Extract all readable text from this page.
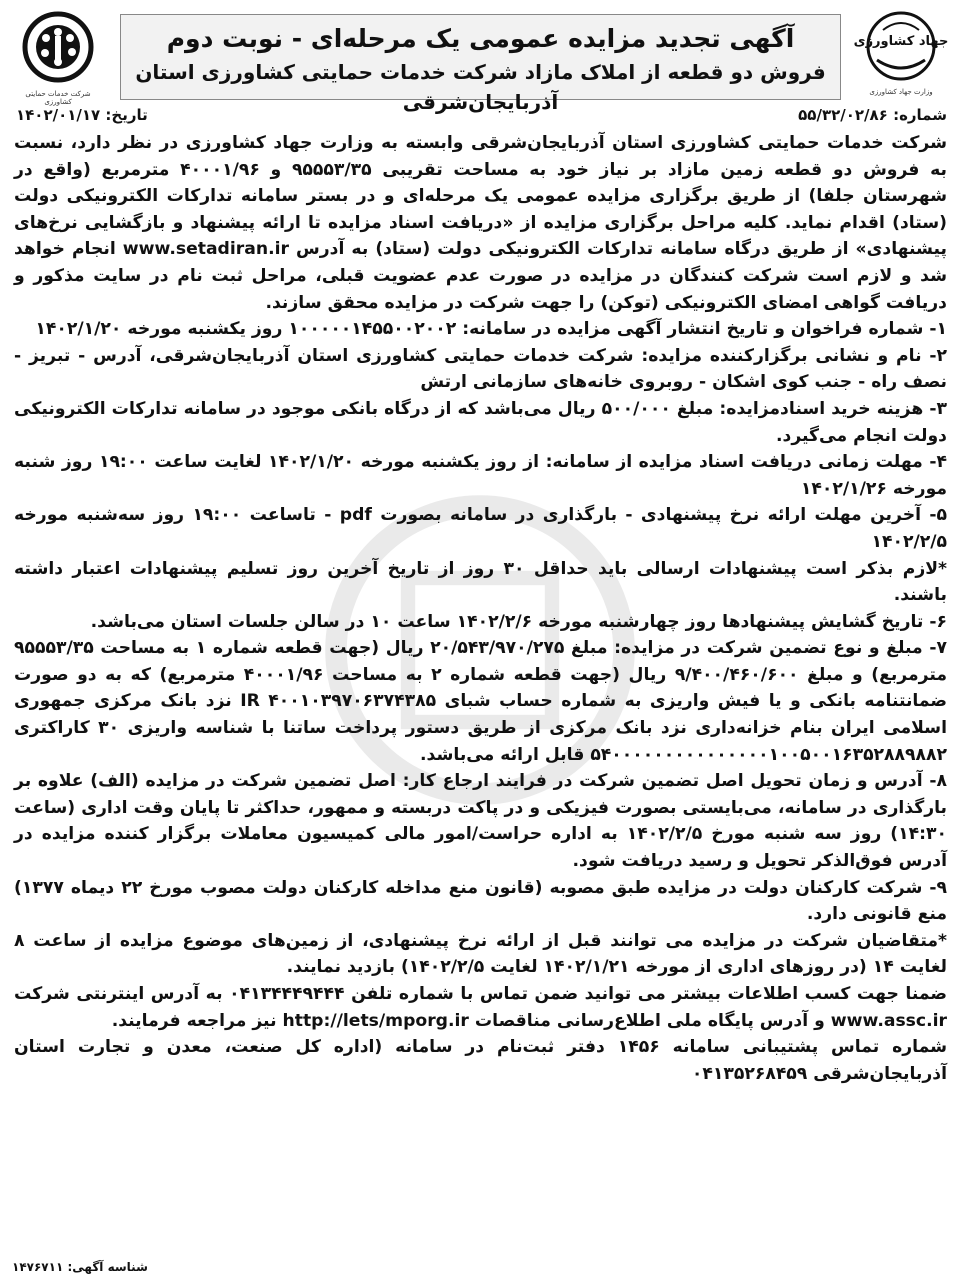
جهاد کشاورزی
وزارت جهاد کشاورزی
آگهی تجدید مزایده عمومی یک مرحله‌ای - نوبت دوم
فروش دو قطعه از املاک مازاد شرکت خدمات حمایتی کشاورزی استان آذربایجان‌شرقی
شرکت خدمات حمایتی کشاورزی
شماره: ۵۵/۳۲/۰۲/۸۶
تاریخ: ۱۴۰۲/۰۱/۱۷

شرکت خدمات حمایتی کشاورزی استان آذربایجان‌شرقی وابسته به وزارت جهاد کشاورزی در نظر دارد، نسبت به فروش دو قطعه زمین مازاد بر نیاز خود به مساحت تقریبی ۹۵۵۵۳/۳۵ و ۴۰۰۰۱/۹۶ مترمربع (واقع در شهرستان جلفا) از طریق برگزاری مزایده عمومی یک مرحله‌ای و در بستر سامانه تدارکات الکترونیکی دولت (ستاد) اقدام نماید. کلیه مراحل برگزاری مزایده از «دریافت اسناد مزایده تا ارائه پیشنهاد و بازگشایی نرخ‌های پیشنهادی» از طریق درگاه سامانه تدارکات الکترونیکی دولت (ستاد) به آدرس www.setadiran.ir انجام خواهد شد و لازم است شرکت کنندگان در مزایده در صورت عدم عضویت قبلی، مراحل ثبت نام در سایت مذکور و دریافت گواهی امضای الکترونیکی (توکن) را جهت شرکت در مزایده محقق سازند.

۱- شماره فراخوان و تاریخ انتشار آگهی مزایده در سامانه: ۱۰۰۰۰۰۱۴۵۵۰۰۲۰۰۲ روز یکشنبه مورخه ۱۴۰۲/۱/۲۰

۲- نام و نشانی برگزارکننده مزایده: شرکت خدمات حمایتی کشاورزی استان آذربایجان‌شرقی، آدرس - تبریز - نصف راه - جنب کوی اشکان - روبروی خانه‌های سازمانی ارتش

۳- هزینه خرید اسنادمزایده: مبلغ ۵۰۰/۰۰۰ ریال می‌باشد که از درگاه بانکی موجود در سامانه تدارکات الکترونیکی دولت انجام می‌گیرد.

۴- مهلت زمانی دریافت اسناد مزایده از سامانه: از روز یکشنبه مورخه ۱۴۰۲/۱/۲۰ لغایت ساعت ۱۹:۰۰ روز شنبه مورخه ۱۴۰۲/۱/۲۶

۵- آخرین مهلت ارائه نرخ پیشنهادی - بارگذاری در سامانه بصورت pdf - تاساعت ۱۹:۰۰ روز سه‌شنبه مورخه ۱۴۰۲/۲/۵

*لازم بذکر است پیشنهادات ارسالی باید حداقل ۳۰ روز از تاریخ آخرین روز تسلیم پیشنهادات اعتبار داشته باشند.

۶- تاریخ گشایش پیشنهادها روز چهارشنبه مورخه ۱۴۰۲/۲/۶ ساعت ۱۰ در سالن جلسات استان می‌باشد.

۷- مبلغ و نوع تضمین شرکت در مزایده: مبلغ ۲۰/۵۴۳/۹۷۰/۲۷۵ ریال (جهت قطعه شماره ۱ به مساحت ۹۵۵۵۳/۳۵ مترمربع) و مبلغ ۹/۴۰۰/۴۶۰/۶۰۰ ریال (جهت قطعه شماره ۲ به مساحت ۴۰۰۰۱/۹۶ مترمربع) که به دو صورت ضمانتنامه بانکی و یا فیش واریزی به شماره حساب شبای IR ۴۰۰۱۰۳۹۷۰۶۳۷۴۳۸۵ نزد بانک مرکزی جمهوری اسلامی ایران بنام خزانه‌داری نزد بانک مرکزی از طریق دستور پرداخت ساتنا با شناسه واریزی ۳۰ کاراکتری ۵۴۰۰۰۰۰۰۰۰۰۰۰۰۰۰۰۱۰۰۵۰۰۱۶۳۵۲۸۸۹۸۸۲ قابل ارائه می‌باشد.

۸- آدرس و زمان تحویل اصل تضمین شرکت در فرایند ارجاع کار: اصل تضمین شرکت در مزایده (الف) علاوه بر بارگذاری در سامانه، می‌بایستی بصورت فیزیکی و در پاکت دربسته و ممهور، حداکثر تا پایان وقت اداری (ساعت ۱۴:۳۰) روز سه شنبه مورخ ۱۴۰۲/۲/۵ به اداره حراست/امور مالی کمیسیون معاملات برگزار کننده مزایده در آدرس فوق‌الذکر تحویل و رسید دریافت شود.

۹- شرکت کارکنان دولت در مزایده طبق مصوبه (قانون منع مداخله کارکنان دولت مصوب مورخ ۲۲ دیماه ۱۳۷۷) منع قانونی دارد.

*متقاضیان شرکت در مزایده می توانند قبل از ارائه نرخ پیشنهادی، از زمین‌های موضوع مزایده از ساعت ۸ لغایت ۱۴ (در روزهای اداری از مورخه ۱۴۰۲/۱/۲۱ لغایت ۱۴۰۲/۲/۵) بازدید نمایند.

ضمنا جهت کسب اطلاعات بیشتر می توانید ضمن تماس با شماره تلفن ۰۴۱۳۴۴۴۹۴۴۴ به آدرس اینترنتی شرکت www.assc.ir و آدرس پایگاه ملی اطلاع‌رسانی مناقصات http://lets/mporg.ir نیز مراجعه فرمایند.

شماره تماس پشتیبانی سامانه ۱۴۵۶ دفتر ثبت‌نام در سامانه (اداره کل صنعت، معدن و تجارت استان آذربایجان‌شرقی ۰۴۱۳۵۲۶۸۴۵۹

شناسه آگهی: ۱۴۷۶۷۱۱
